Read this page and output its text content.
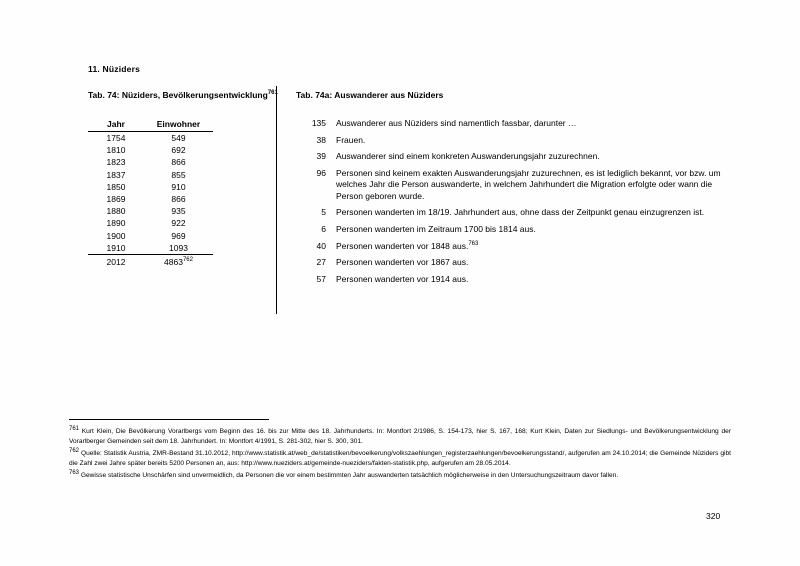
11. Nüziders
Tab. 74: Nüziders, Bevölkerungsentwicklung$^{761}$ Tab. 74a: Auswanderer aus Nüziders
Jahr	Einwohner
1754	549
1810	692
1823	866
1837	855
1850	910
1869	866
1880	935
1890	922
1900	969
1910	1093
2012	4863$^{762}$
135 Auswanderer aus Nüziders sind namentlich fassbar, darunter …
38 Frauen.
39 Auswanderer sind einem konkreten Auswanderungsjahr zuzurechnen.
96 Personen sind keinem exakten Auswanderungsjahr zuzurechnen, es ist lediglich bekannt, vor bzw. um welches Jahr die Person auswanderte, in welchem Jahrhundert die Migration erfolgte oder wann die Person geboren wurde.
5 Personen wanderten im 18/19. Jahrhundert aus, ohne dass der Zeitpunkt genau einzugrenzen ist.
6 Personen wanderten im Zeitraum 1700 bis 1814 aus.
40 Personen wanderten vor 1848 aus.$^{763}$
27 Personen wanderten vor 1867 aus.
57 Personen wanderten vor 1914 aus.

$^{761}$ Kurt Klein, Die Bevölkerung Vorarlbergs vom Beginn des 16. bis zur Mitte des 18. Jahrhunderts. In: Montfort 2/1986, S. 154-173, hier S. 167, 168; Kurt Klein, Daten zur Siedlungs- und Bevölkerungsentwicklung der Vorarlberger Gemeinden seit dem 18. Jahrhundert. In: Montfort 4/1991, S. 281-302, hier S. 300, 301.

$^{762}$ Quelle: Statistik Austria, ZMR-Bestand 31.10.2012, http://www.statistik.at/web_de/statistiken/bevoelkerung/volkszaehlungen_registerzaehlungen/bevoelkerungsstand/, aufgerufen am 24.10.2014; die Gemeinde Nüziders gibt die Zahl zwei Jahre später bereits 5200 Personen an, aus: http://www.nueziders.at/gemeinde-nueziders/fakten-statistik.php, aufgerufen am 28.05.2014.

$^{763}$ Gewisse statistische Unschärfen sind unvermeidlich, da Personen die vor einem bestimmten Jahr auswanderten tatsächlich möglicherweise in den Untersuchungszeitraum davor fallen.

320
